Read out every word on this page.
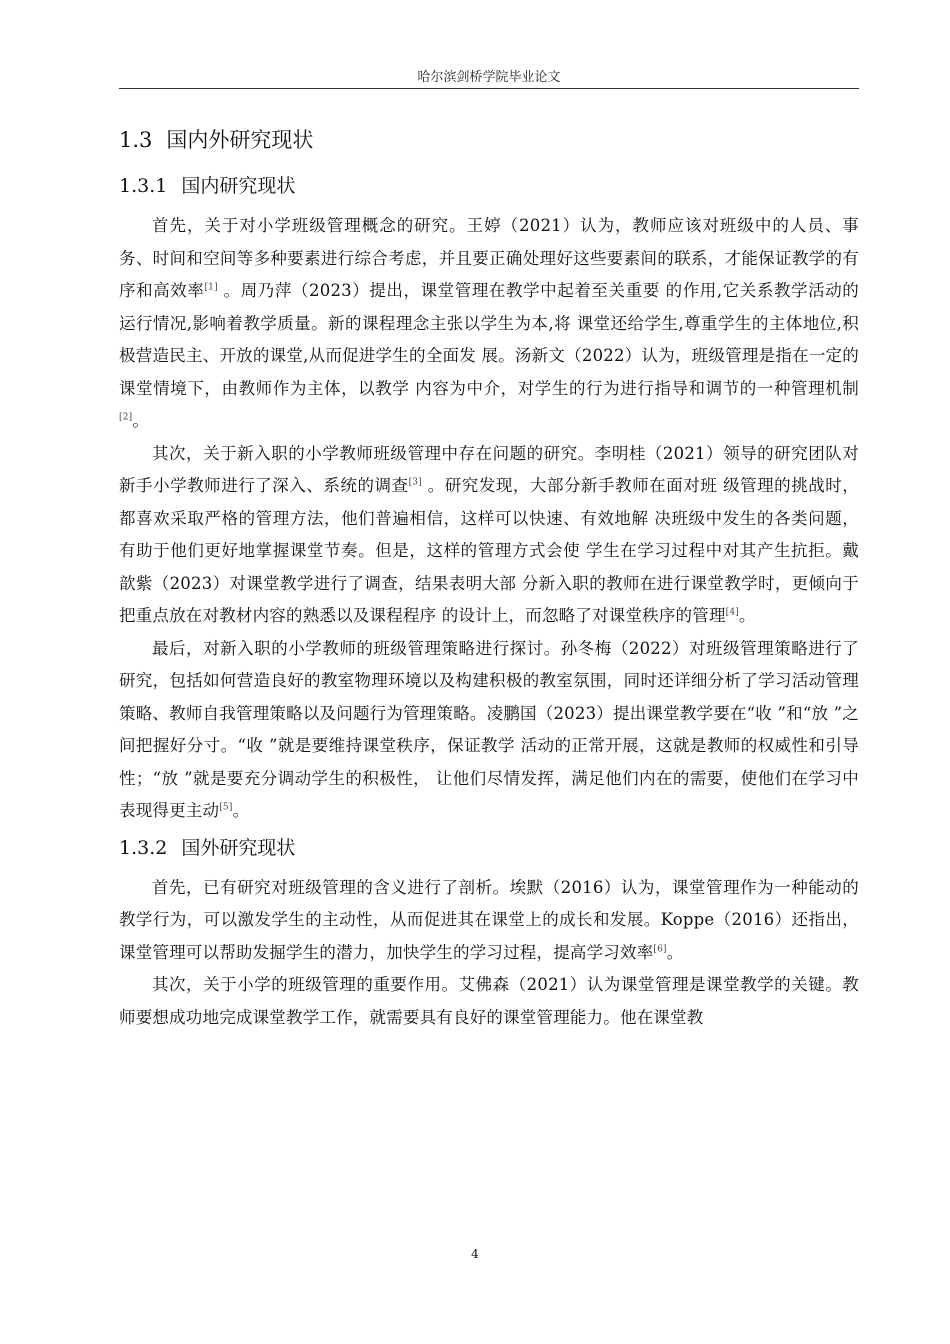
哈尔滨剑桥学院毕业论文
1.3 国内外研究现状
1.3.1 国内研究现状

首先，关于对小学班级管理概念的研究。王婷（2021）认为，教师应该对班级中的人员、事务、时间和空间等多种要素进行综合考虑，并且要正确处理好这些要素间的联系，才能保证教学的有序和高效率[1] 。周乃萍（2023）提出，课堂管理在教学中起着至关重要 的作用,它关系教学活动的运行情况,影响着教学质量。新的课程理念主张以学生为本,将 课堂还给学生,尊重学生的主体地位,积极营造民主、开放的课堂,从而促进学生的全面发 展。汤新文（2022）认为，班级管理是指在一定的课堂情境下，由教师作为主体，以教学 内容为中介，对学生的行为进行指导和调节的一种管理机制[2]。

其次，关于新入职的小学教师班级管理中存在问题的研究。李明桂（2021）领导的研究团队对新手小学教师进行了深入、系统的调查[3] 。研究发现，大部分新手教师在面对班 级管理的挑战时，都喜欢采取严格的管理方法，他们普遍相信，这样可以快速、有效地解 决班级中发生的各类问题，有助于他们更好地掌握课堂节奏。但是，这样的管理方式会使 学生在学习过程中对其产生抗拒。戴歆紫（2023）对课堂教学进行了调查，结果表明大部 分新入职的教师在进行课堂教学时，更倾向于把重点放在对教材内容的熟悉以及课程程序 的设计上，而忽略了对课堂秩序的管理[4]。

最后，对新入职的小学教师的班级管理策略进行探讨。孙冬梅（2022）对班级管理策略进行了研究，包括如何营造良好的教室物理环境以及构建积极的教室氛围，同时还详细分析了学习活动管理策略、教师自我管理策略以及问题行为管理策略。凌鹏国（2023）提出课堂教学要在“收 ”和“放 ”之间把握好分寸。“收 ”就是要维持课堂秩序，保证教学 活动的正常开展，这就是教师的权威性和引导性；“放 ”就是要充分调动学生的积极性， 让他们尽情发挥，满足他们内在的需要，使他们在学习中表现得更主动[5]。

1.3.2 国外研究现状

首先，已有研究对班级管理的含义进行了剖析。埃默（2016）认为，课堂管理作为一种能动的教学行为，可以激发学生的主动性，从而促进其在课堂上的成长和发展。Koppe（2016）还指出，课堂管理可以帮助发掘学生的潜力，加快学生的学习过程，提高学习效率[6]。

其次，关于小学的班级管理的重要作用。艾佛森（2021）认为课堂管理是课堂教学的关键。教师要想成功地完成课堂教学工作，就需要具有良好的课堂管理能力。他在课堂教

4
